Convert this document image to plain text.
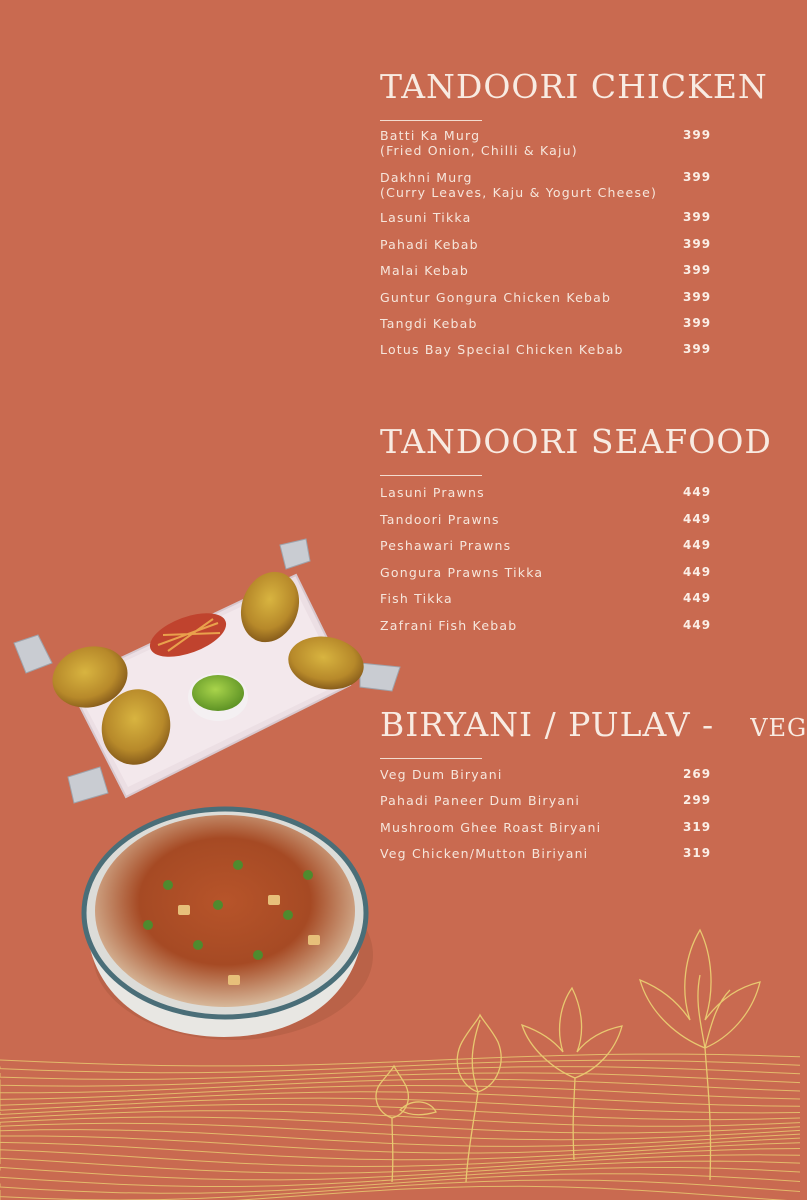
TANDOORI CHICKEN
Batti Ka Murg
(Fried Onion, Chilli & Kaju)
399
Dakhni Murg
(Curry Leaves, Kaju & Yogurt Cheese)
399
Lasuni Tikka	399
Pahadi Kebab	399
Malai Kebab	399
Guntur Gongura Chicken Kebab	399
Tangdi Kebab	399
Lotus Bay Special Chicken Kebab	399
TANDOORI SEAFOOD
Lasuni Prawns	449
Tandoori Prawns	449
Peshawari Prawns	449
Gongura Prawns Tikka	449
Fish Tikka	449
Zafrani Fish Kebab	449
BIRYANI / PULAV - VEG
Veg Dum Biryani	269
Pahadi Paneer Dum Biryani	299
Mushroom Ghee Roast Biryani	319
Veg Chicken/Mutton Biriyani	319
